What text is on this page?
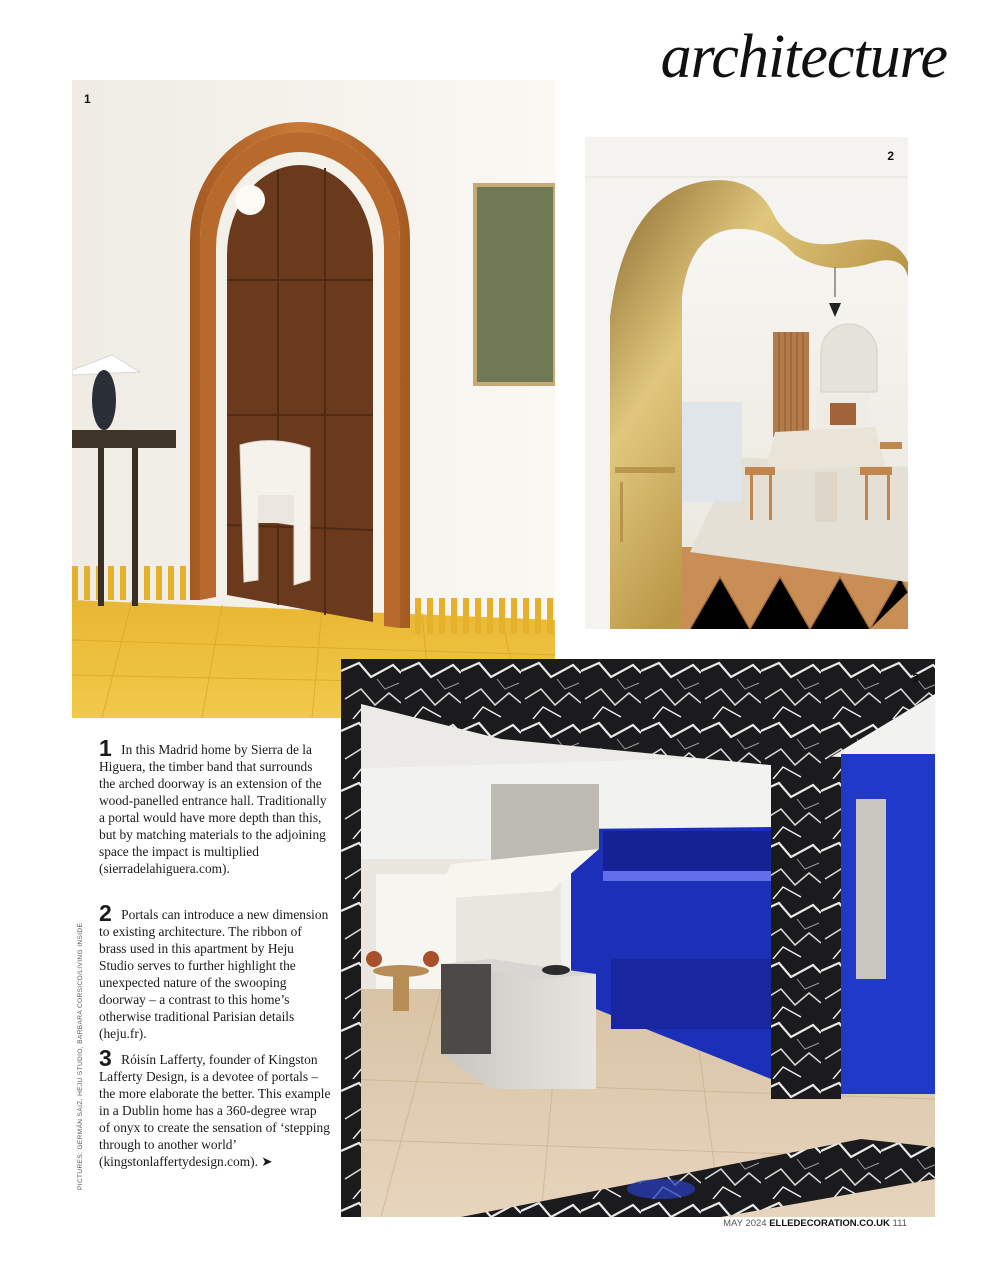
architecture
1
2
3

1 In this Madrid home by Sierra de la Higuera, the timber band that surrounds the arched doorway is an extension of the wood-panelled entrance hall. Traditionally a portal would have more depth than this, but by matching materials to the adjoining space the impact is multiplied (sierradelahiguera.com).

2 Portals can introduce a new dimension to existing architecture. The ribbon of brass used in this apartment by Heju Studio serves to further highlight the unexpected nature of the swooping doorway – a contrast to this home’s otherwise traditional Parisian details (heju.fr).

3 Róisín Lafferty, founder of Kingston Lafferty Design, is a devotee of portals – the more elaborate the better. This example in a Dublin home has a 360-degree wrap of onyx to create the sensation of ‘stepping through to another world’ (kingstonlaffertydesign.com). ➤

PICTURES: GERMÁN SAIZ, HEJU STUDIO, BARBARA CORSICO/LIVING INSIDE
MAY 2024 ELLEDECORATION.CO.UK 111
